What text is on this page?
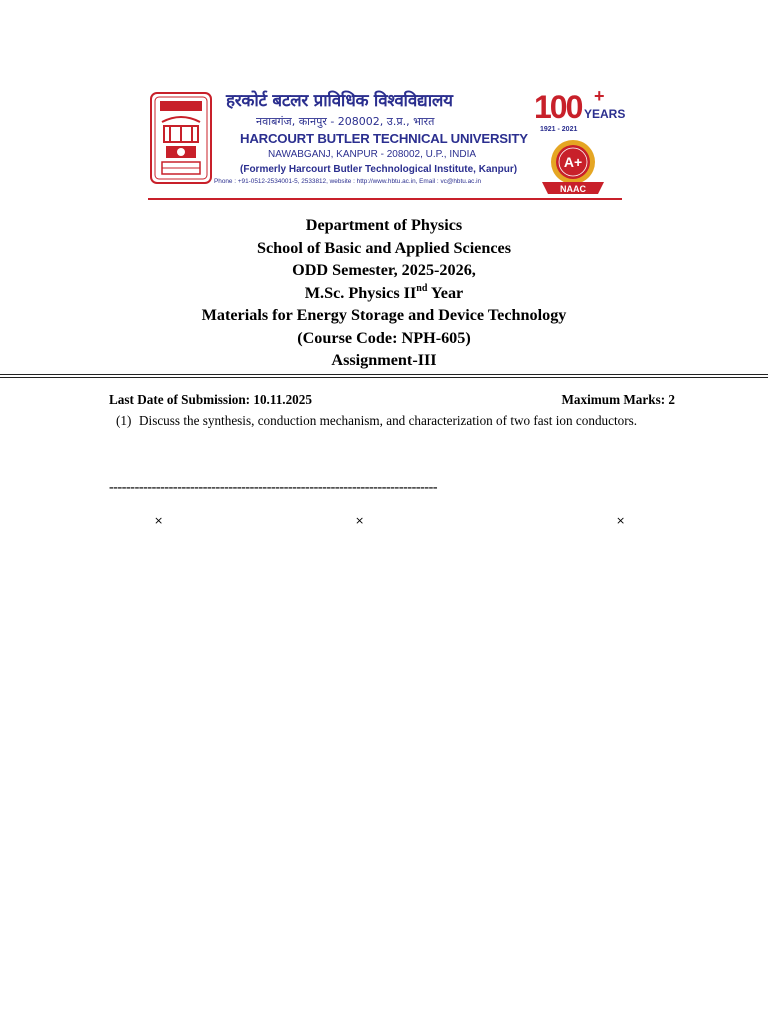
हरकोर्ट बटलर प्राविधिक विश्वविद्यालय
नवाबगंज, कानपुर - 208002, उ.प्र., भारत
HARCOURT BUTLER TECHNICAL UNIVERSITY
NAWABGANJ, KANPUR - 208002, U.P., INDIA
(Formerly Harcourt Butler Technological Institute, Kanpur)
Phone : +91-0512-2534001-5, 2533812, website : http://www.hbtu.ac.in, Email : vc@hbtu.ac.in
100 +
YEARS
1921 - 2021
A+
NAAC
Department of Physics
School of Basic and Applied Sciences
ODD Semester, 2025-2026,
M.Sc. Physics IInd Year
Materials for Energy Storage and Device Technology
(Course Code: NPH-605)
Assignment-III
Last Date of Submission: 10.11.2025	Maximum Marks: 2
(1) Discuss the synthesis, conduction mechanism, and characterization of two fast ion conductors.
-----------------------------------------------------------------------------
×	×	×
